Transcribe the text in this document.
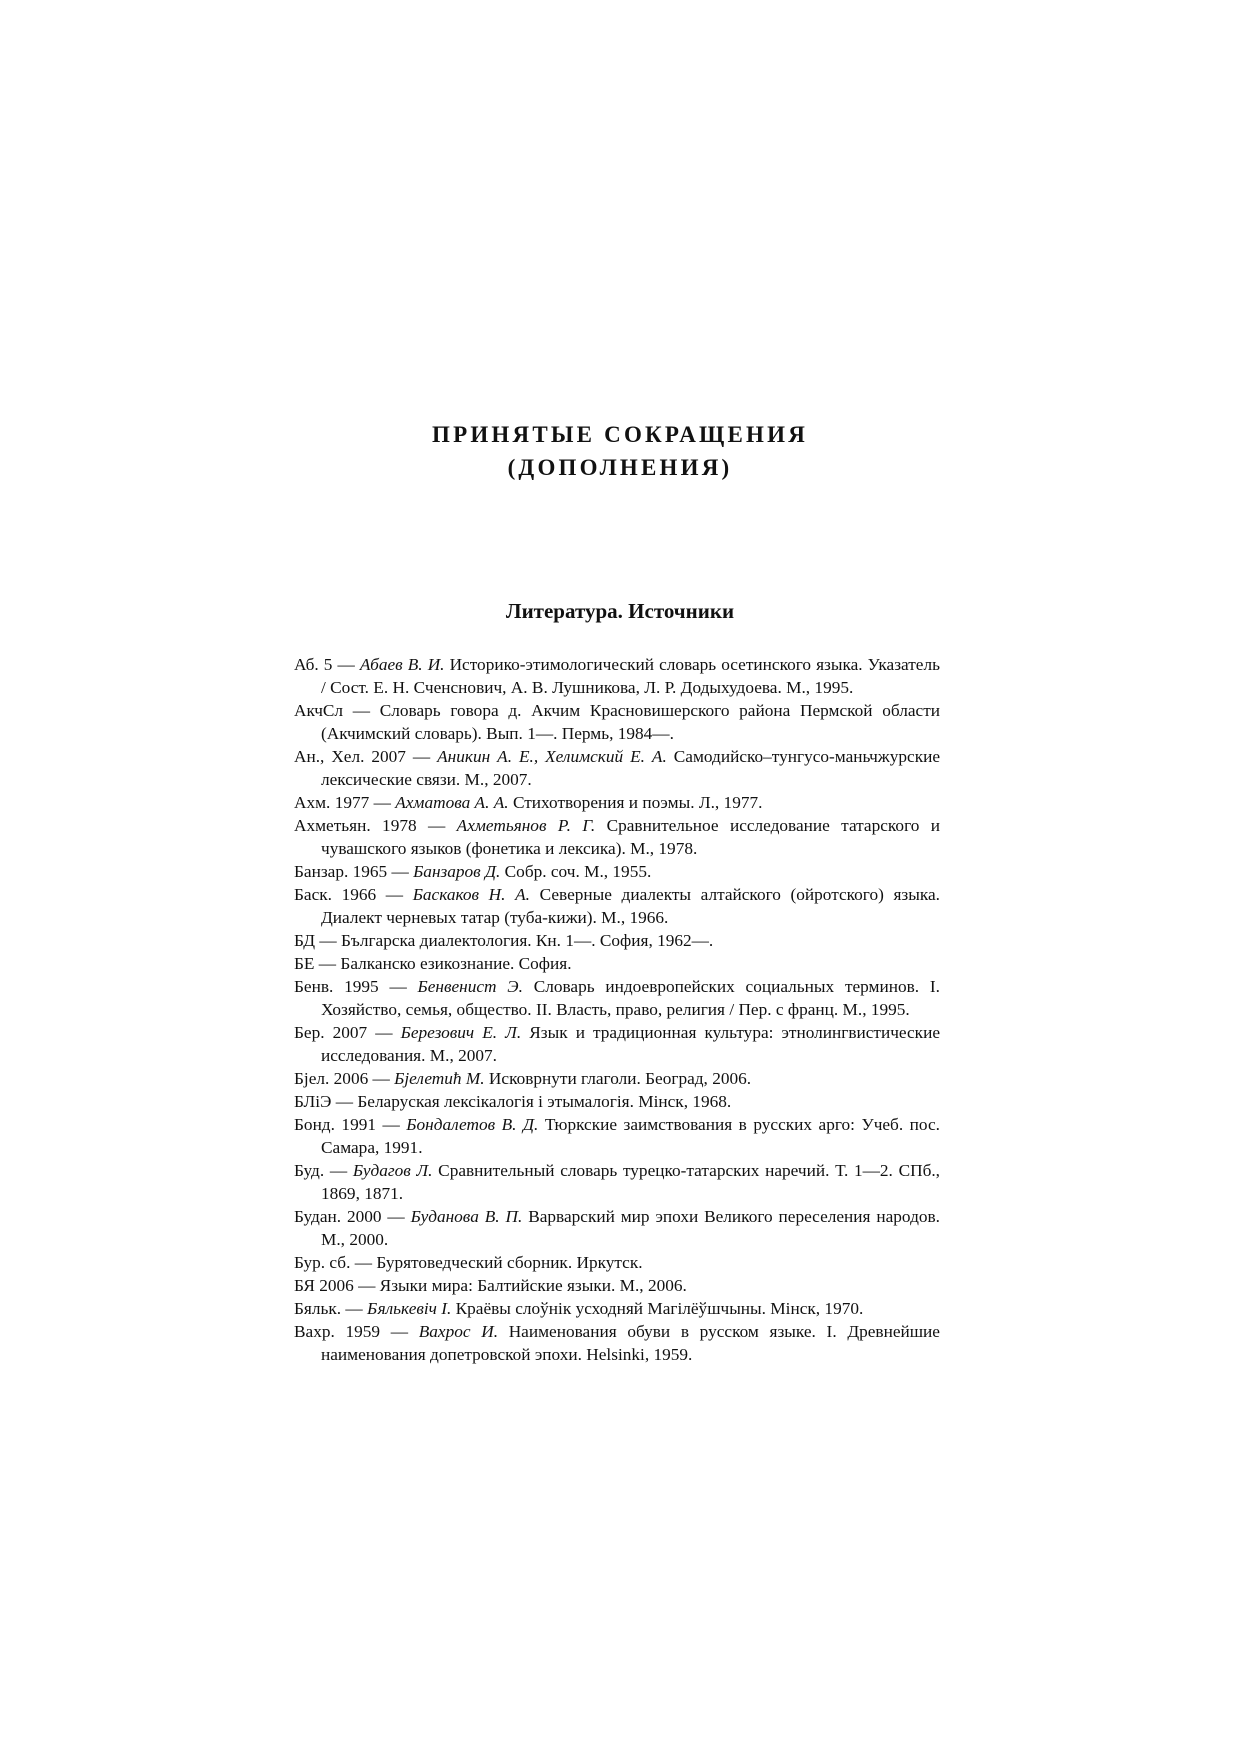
ПРИНЯТЫЕ СОКРАЩЕНИЯ
(ДОПОЛНЕНИЯ)
Литература. Источники
Аб. 5 — Абаев В. И. Историко-этимологический словарь осетинского языка. Указатель / Сост. Е. Н. Сченснович, А. В. Лушникова, Л. Р. Додыхудоева. М., 1995.
АкчСл — Словарь говора д. Акчим Красновишерского района Пермской области (Акчимский словарь). Вып. 1—. Пермь, 1984—.
Ан., Хел. 2007 — Аникин А. Е., Хелимский Е. А. Самодийско–тунгусо-маньчжурские лексические связи. М., 2007.
Ахм. 1977 — Ахматова А. А. Стихотворения и поэмы. Л., 1977.
Ахметьян. 1978 — Ахметьянов Р. Г. Сравнительное исследование татарского и чувашского языков (фонетика и лексика). М., 1978.
Банзар. 1965 — Банзаров Д. Собр. соч. М., 1955.
Баск. 1966 — Баскаков Н. А. Северные диалекты алтайского (ойротского) языка. Диалект черневых татар (туба-кижи). М., 1966.
БД — Българска диалектология. Кн. 1—. София, 1962—.
БЕ — Балканско езикознание. София.
Бенв. 1995 — Бенвенист Э. Словарь индоевропейских социальных терминов. I. Хозяйство, семья, общество. II. Власть, право, религия / Пер. с франц. М., 1995.
Бер. 2007 — Березович Е. Л. Язык и традиционная культура: этнолингвистические исследования. М., 2007.
Бјел. 2006 — Бјелетић М. Исковрнути глаголи. Београд, 2006.
БЛіЭ — Беларуская лексікалогія і этымалогія. Мінск, 1968.
Бонд. 1991 — Бондалетов В. Д. Тюркские заимствования в русских арго: Учеб. пос. Самара, 1991.
Буд. — Будагов Л. Сравнительный словарь турецко-татарских наречий. Т. 1—2. СПб., 1869, 1871.
Будан. 2000 — Буданова В. П. Варварский мир эпохи Великого переселения народов. М., 2000.
Бур. сб. — Бурятоведческий сборник. Иркутск.
БЯ 2006 — Языки мира: Балтийские языки. М., 2006.
Бяльк. — Бялькевіч І. Краёвы слоўнік усходняй Магілёўшчыны. Мінск, 1970.
Вахр. 1959 — Вахрос И. Наименования обуви в русском языке. I. Древнейшие наименования допетровской эпохи. Helsinki, 1959.
